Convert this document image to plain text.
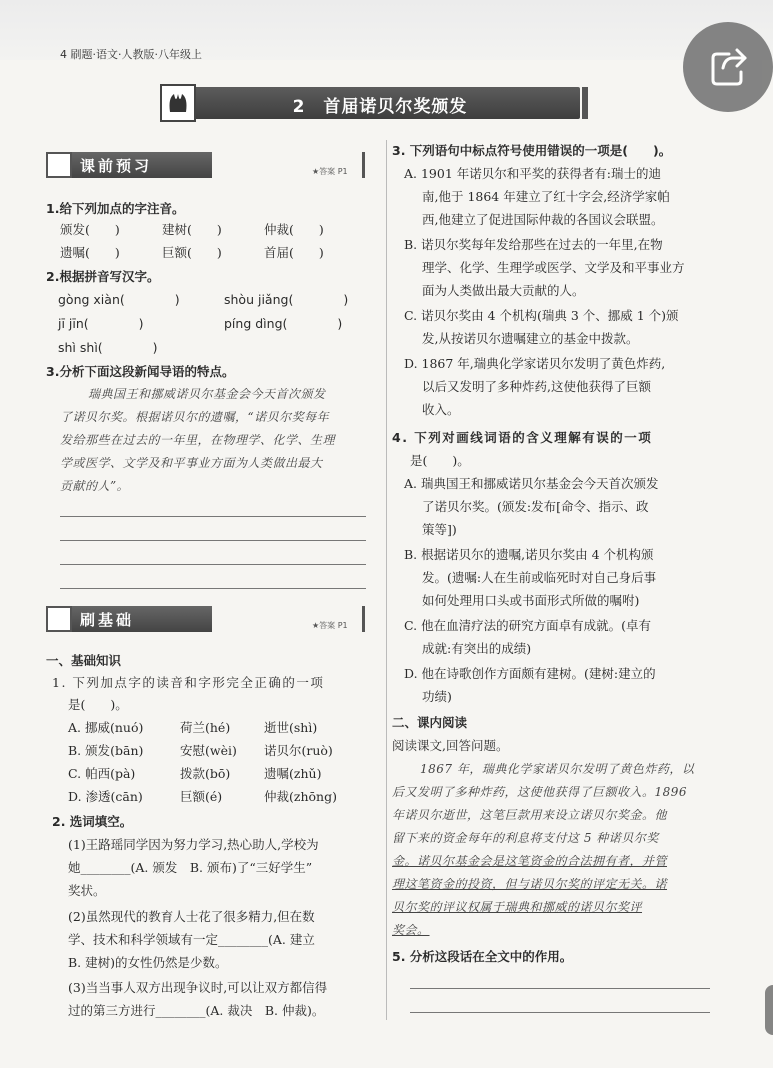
4 刷题·语文·人教版·八年级上
2　 首届诺贝尔奖颁发
课前预习	★答案 P1
1.给下列加点的字注音。
颁发(　　)	建树(　　)	仲裁(　　)
遗嘱(　　)	巨额(　　)	首届(　　)
2.根据拼音写汉字。
gòng xiàn(　　　　)	shòu jiǎng(　　　　)
jī jīn(　　　　)	píng dìng(　　　　)
shì shì(　　　　)
3.分析下面这段新闻导语的特点。
瑞典国王和挪威诺贝尔基金会今天首次颁发
了诺贝尔奖。根据诺贝尔的遗嘱，“诺贝尔奖每年
发给那些在过去的一年里，在物理学、化学、生理
学或医学、文学及和平事业方面为人类做出最大
贡献的人”。
刷基础	★答案 P1
一、基础知识
1. 下列加点字的读音和字形完全正确的一项
是(　　)。
A. 挪威(nuó)	荷兰(hé)	逝世(shì)
B. 颁发(bān)	安慰(wèi) 诺贝尔(ruò)
C. 帕西(pà)	拨款(bō)	遗嘱(zhǔ)
D. 渗透(cān)	巨额(é)	仲裁(zhōng)
2. 选词填空。
(1)王路瑶同学因为努力学习,热心助人,学校为
她________(A. 颁发　B. 颁布)了“三好学生”
奖状。
(2)虽然现代的教育人士花了很多精力,但在数
学、技术和科学领域有一定________(A. 建立
B. 建树)的女性仍然是少数。
(3)当当事人双方出现争议时,可以让双方都信得
过的第三方进行________(A. 裁决　B. 仲裁)。
3. 下列语句中标点符号使用错误的一项是(　　)。
A. 1901 年诺贝尔和平奖的获得者有:瑞士的迪
南,他于 1864 年建立了红十字会,经济学家帕
西,他建立了促进国际仲裁的各国议会联盟。
B. 诺贝尔奖每年发给那些在过去的一年里,在物
理学、化学、生理学或医学、文学及和平事业方
面为人类做出最大贡献的人。
C. 诺贝尔奖由 4 个机构(瑞典 3 个、挪威 1 个)颁
发,从按诺贝尔遗嘱建立的基金中拨款。
D. 1867 年,瑞典化学家诺贝尔发明了黄色炸药,
以后又发明了多种炸药,这使他获得了巨额
收入。
4. 下列对画线词语的含义理解有误的一项
是(　　)。
A. 瑞典国王和挪威诺贝尔基金会今天首次颁发
了诺贝尔奖。(颁发:发布[命令、指示、政
策等])
B. 根据诺贝尔的遗嘱,诺贝尔奖由 4 个机构颁
发。(遗嘱:人在生前或临死时对自己身后事
如何处理用口头或书面形式所做的嘱咐)
C. 他在血清疗法的研究方面卓有成就。(卓有
成就:有突出的成绩)
D. 他在诗歌创作方面颇有建树。(建树:建立的
功绩)
二、课内阅读
阅读课文,回答问题。
1867 年，瑞典化学家诺贝尔发明了黄色炸药，以
后又发明了多种炸药，这使他获得了巨额收入。1896
年诺贝尔逝世，这笔巨款用来设立诺贝尔奖金。他
留下来的资金每年的利息将支付这 5 种诺贝尔奖
金。诺贝尔基金会是这笔资金的合法拥有者，并管
理这笔资金的投资，但与诺贝尔奖的评定无关。诺
贝尔奖的评议权属于瑞典和挪威的诺贝尔奖评
奖会。
5. 分析这段话在全文中的作用。
